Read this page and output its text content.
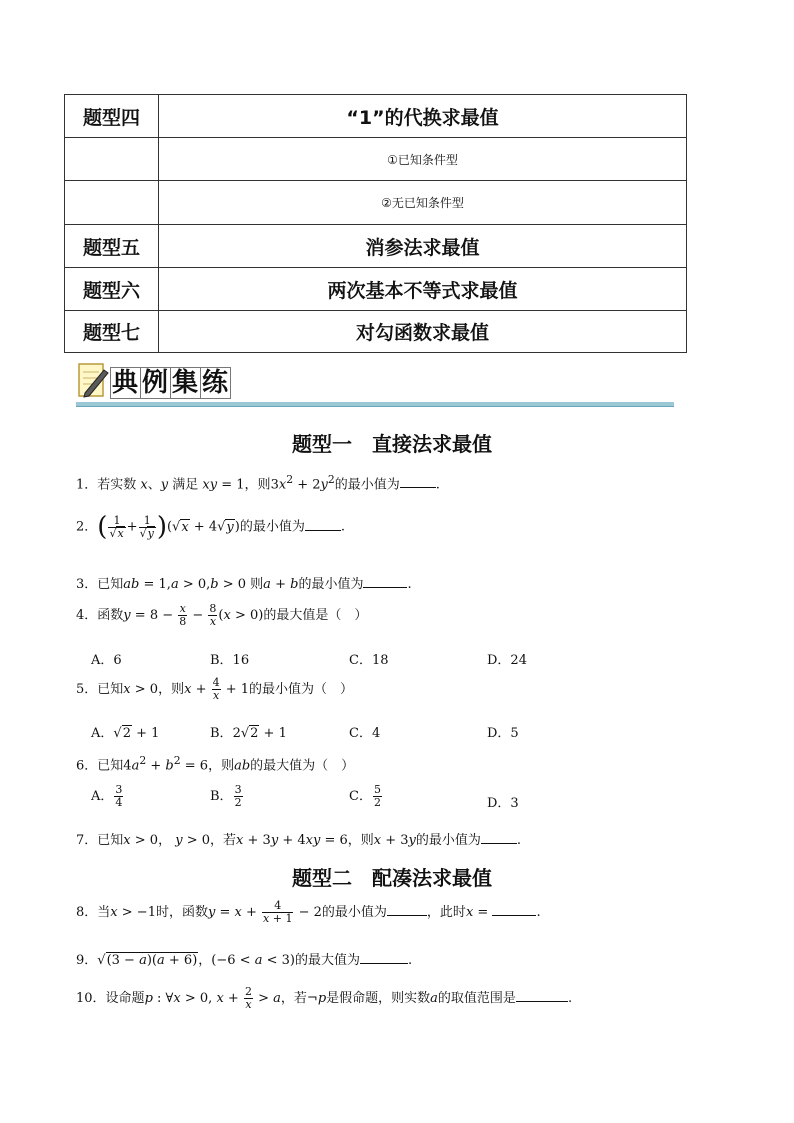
题型四	“1”的代换求最值
	①已知条件型
	②无已知条件型
题型五	消参法求最值
题型六	两次基本不等式求最值
题型七	对勾函数求最值
典 例 集 练
题型一　直接法求最值
1．若实数 x、y 满足 xy = 1，则$3x^2 + 2y^2$的最小值为	.
2．( $\frac{1}{√x} + \frac{1}{√y} )(√x + 4√y)$的最小值为	.
3．已知ab = 1,a > 0,b > 0 则a + b的最小值为	.
4．函数$y = 8 - \frac{x}{8} - \frac{8}{x} (x > 0)$的最大值是（　）
A．6	B．16	C．18	D．24
5．已知x > 0，则$x + \frac{4}{x} + 1$的最小值为（　）
A．√2 + 1	B．2√2 + 1	C．4	D．5
6．已知$4a^2 + b^2 = 6$，则ab的最大值为（　）
A． $\frac{3}{4}$	B． $\frac{3}{2}$	C． $\frac{5}{2}$	D．3
7．已知x > 0， y > 0，若x + 3y + 4xy = 6，则x + 3y的最小值为	.
题型二　配凑法求最值
8．当x > −1时，函数$y = x + \frac{4}{x + 1} - 2$的最小值为	，此时x =	.
9．√(3 − a)(a + 6)，(−6 < a < 3)的最大值为	.
10．设命题p : ∀x > 0, $x + \frac{2}{x} > a$，若¬p是假命题，则实数a的取值范围是	.
